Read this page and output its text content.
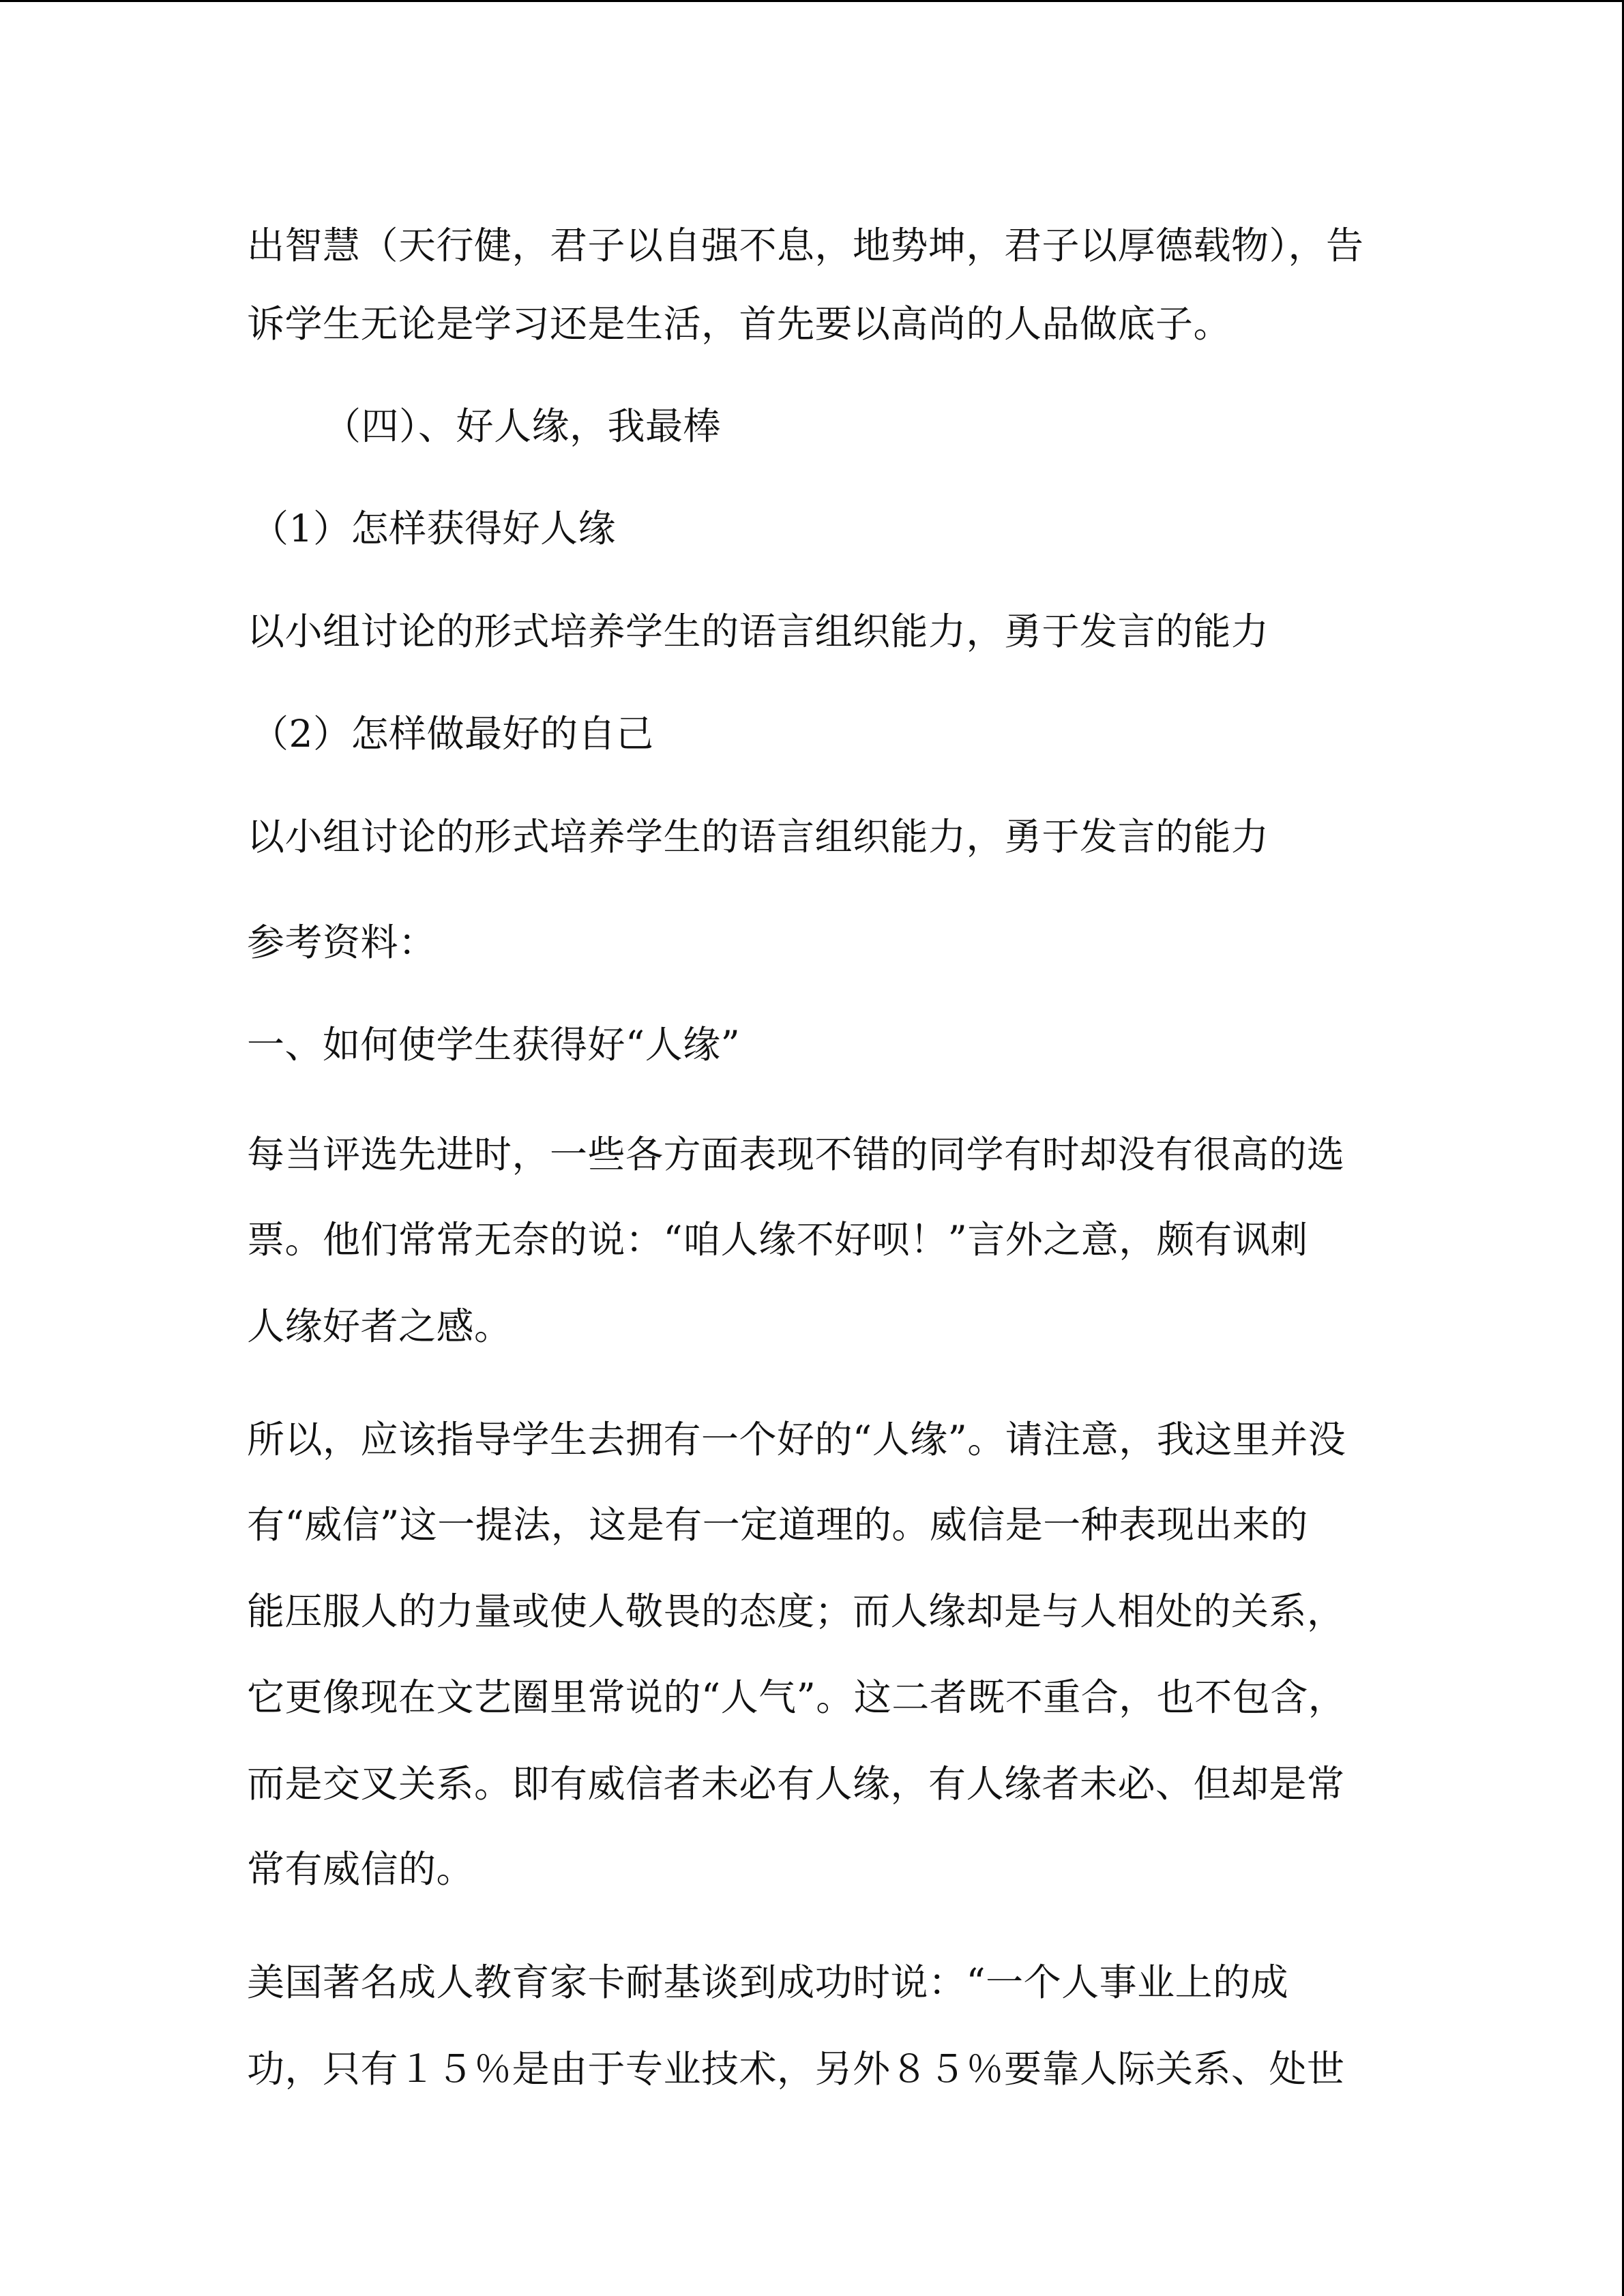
出智慧（天行健，君子以自强不息，地势坤，君子以厚德载物），告

诉学生无论是学习还是生活，首先要以高尚的人品做底子。

（四）、好人缘，我最棒

（1）怎样获得好人缘

以小组讨论的形式培养学生的语言组织能力，勇于发言的能力

（2）怎样做最好的自己

以小组讨论的形式培养学生的语言组织能力，勇于发言的能力

参考资料：

一、如何使学生获得好“人缘”

每当评选先进时，一些各方面表现不错的同学有时却没有很高的选

票。他们常常无奈的说：“咱人缘不好呗！”言外之意，颇有讽刺

人缘好者之感。

所以，应该指导学生去拥有一个好的“人缘”。请注意，我这里并没

有“威信”这一提法，这是有一定道理的。威信是一种表现出来的

能压服人的力量或使人敬畏的态度；而人缘却是与人相处的关系，

它更像现在文艺圈里常说的“人气”。这二者既不重合，也不包含，

而是交叉关系。即有威信者未必有人缘，有人缘者未必、但却是常

常有威信的。

美国著名成人教育家卡耐基谈到成功时说：“一个人事业上的成

功，只有１５％是由于专业技术，另外８５％要靠人际关系、处世
